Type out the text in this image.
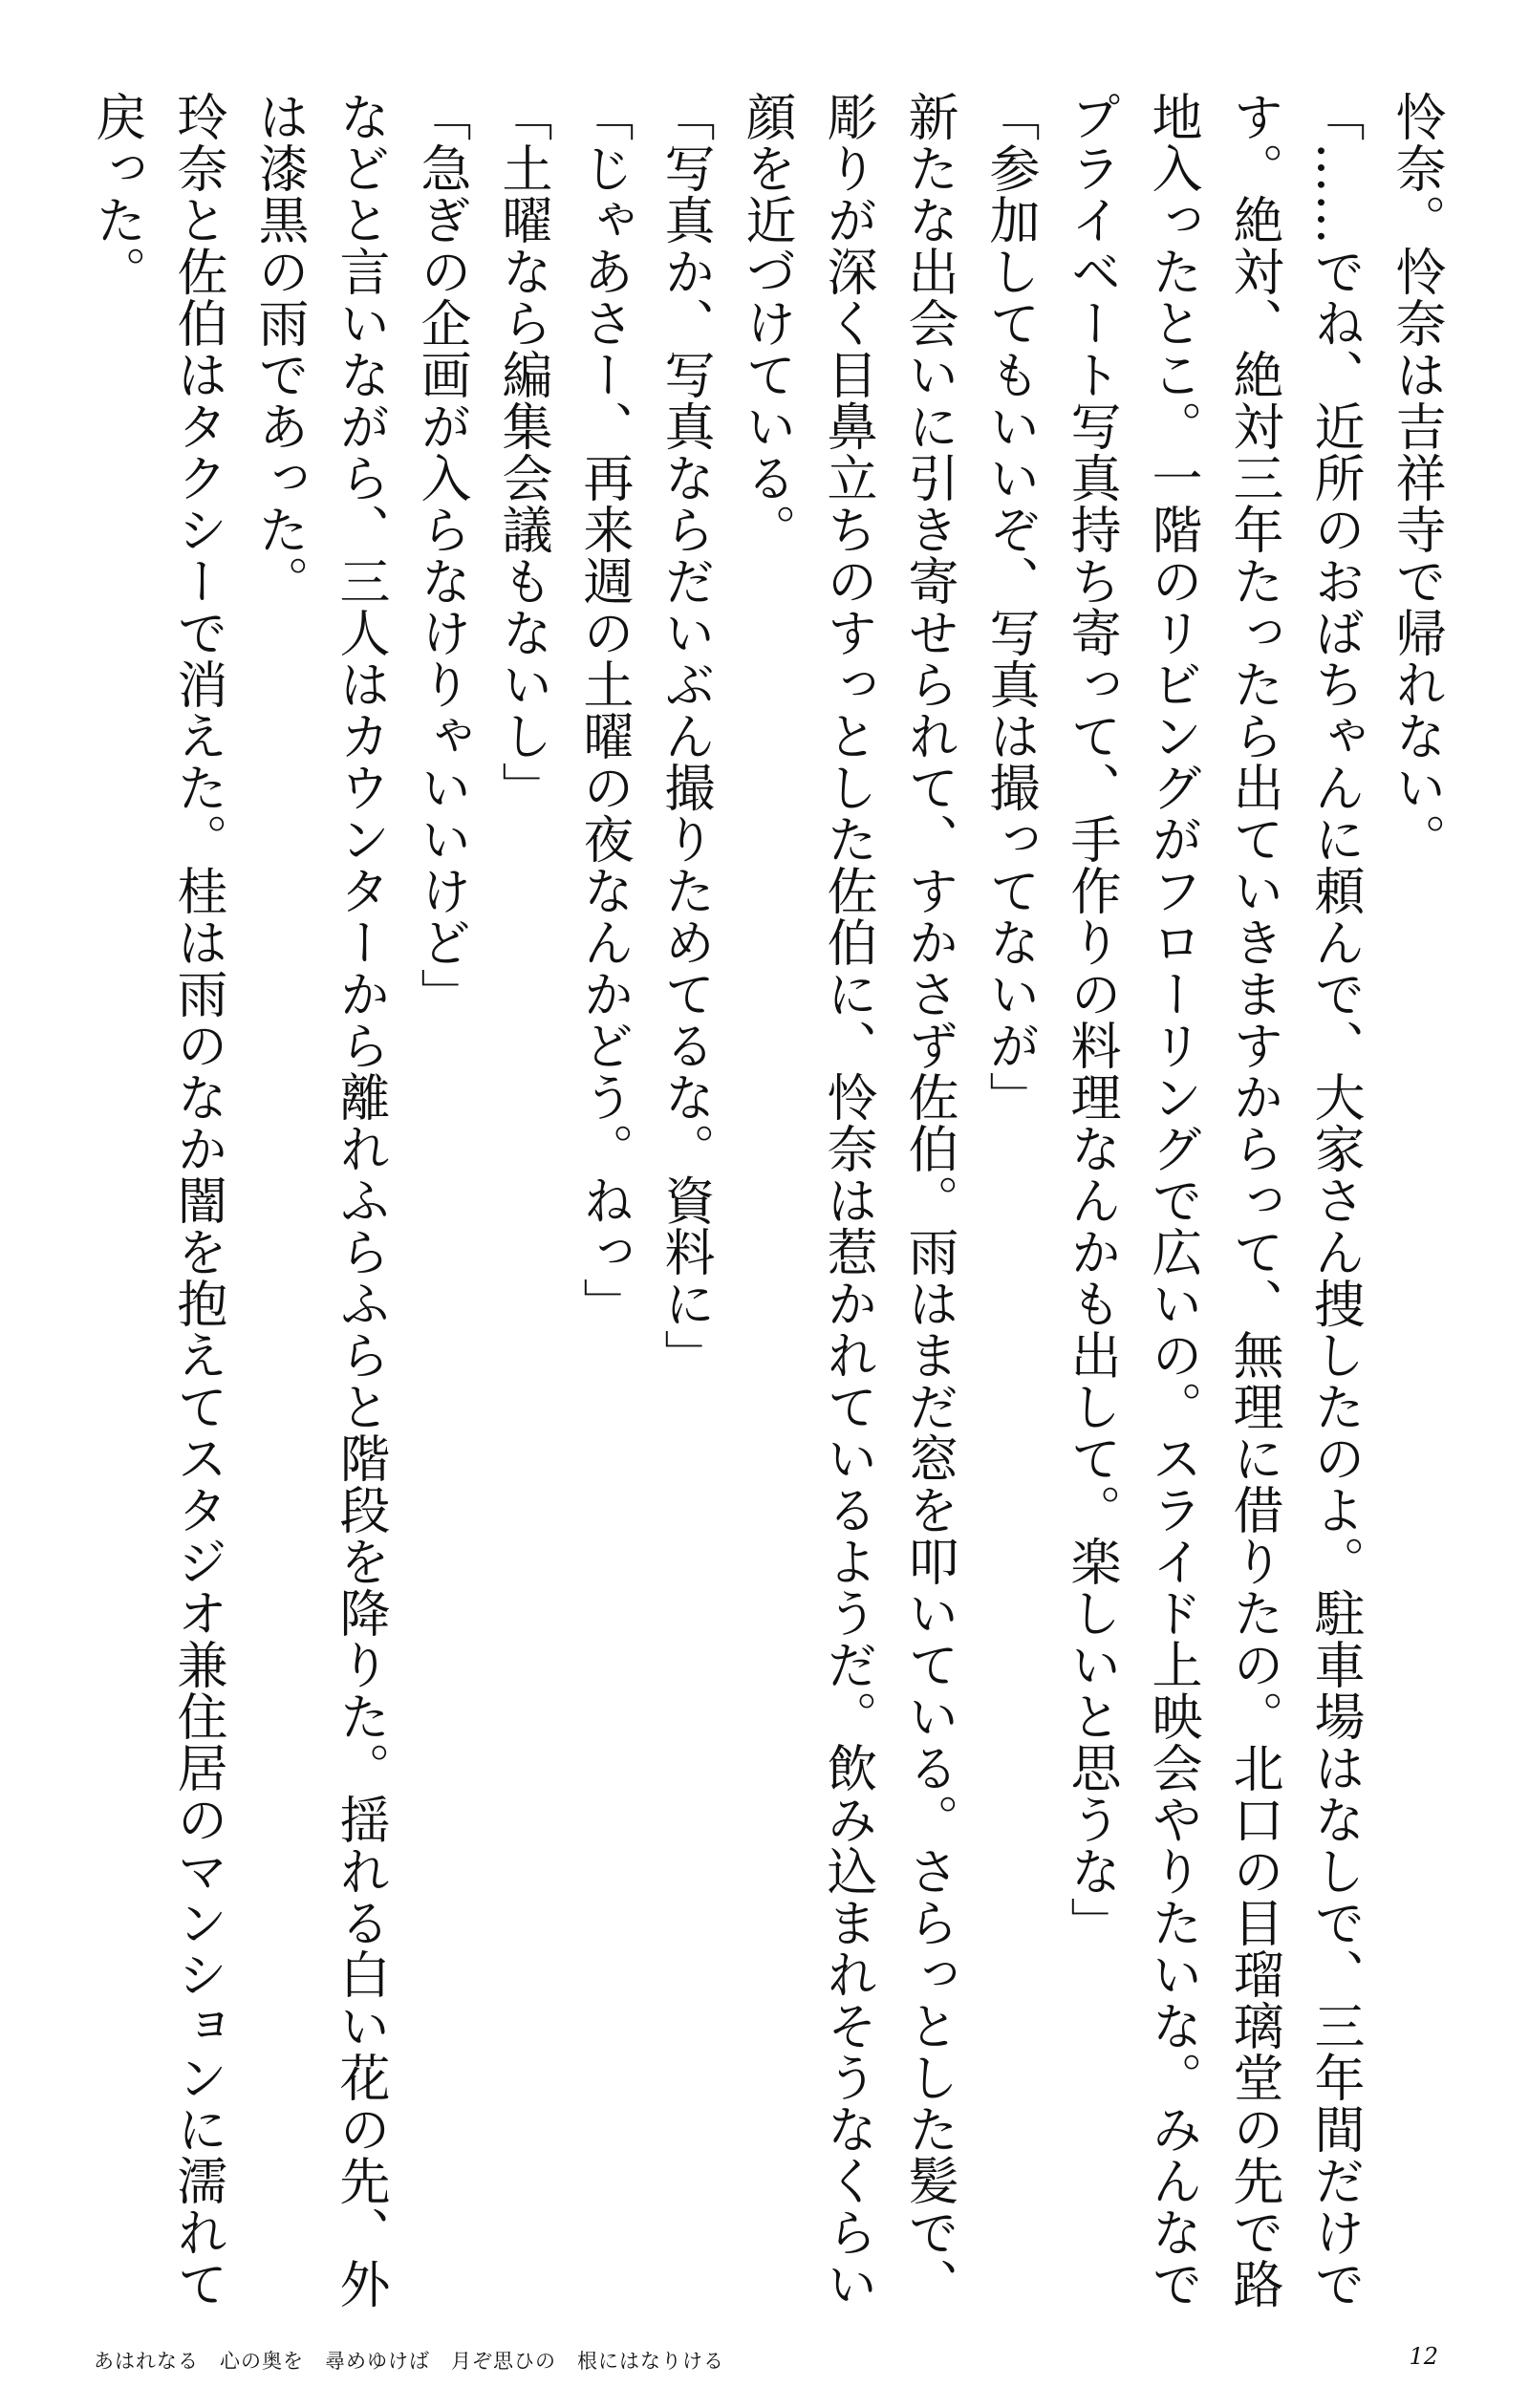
怜奈。怜奈は吉祥寺で帰れない。

「……でね、近所のおばちゃんに頼んで、大家さん捜したのよ。駐車場はなしで、三年間だけです。絶対、絶対三年たったら出ていきますからって、無理に借りたの。北口の目瑠璃堂の先で路地入ったとこ。一階のリビングがフローリングで広いの。スライド上映会やりたいな。みんなでプライベート写真持ち寄って、手作りの料理なんかも出して。楽しいと思うな」

「参加してもいいぞ、写真は撮ってないが」

新たな出会いに引き寄せられて、すかさず佐伯。雨はまだ窓を叩いている。さらっとした髪で、彫りが深く目鼻立ちのすっとした佐伯に、怜奈は惹かれているようだ。飲み込まれそうなくらい顔を近づけている。

「写真か、写真ならだいぶん撮りためてるな。資料に」

「じゃあさー、再来週の土曜の夜なんかどう。ねっ」

「土曜なら編集会議もないし」

「急ぎの企画が入らなけりゃいいけど」

などと言いながら、三人はカウンターから離れふらふらと階段を降りた。揺れる白い花の先、外は漆黒の雨であった。

玲奈と佐伯はタクシーで消えた。桂は雨のなか闇を抱えてスタジオ兼住居のマンションに濡れて戻った。

あはれなる　心の奥を　尋めゆけば　月ぞ思ひの　根にはなりける	12
